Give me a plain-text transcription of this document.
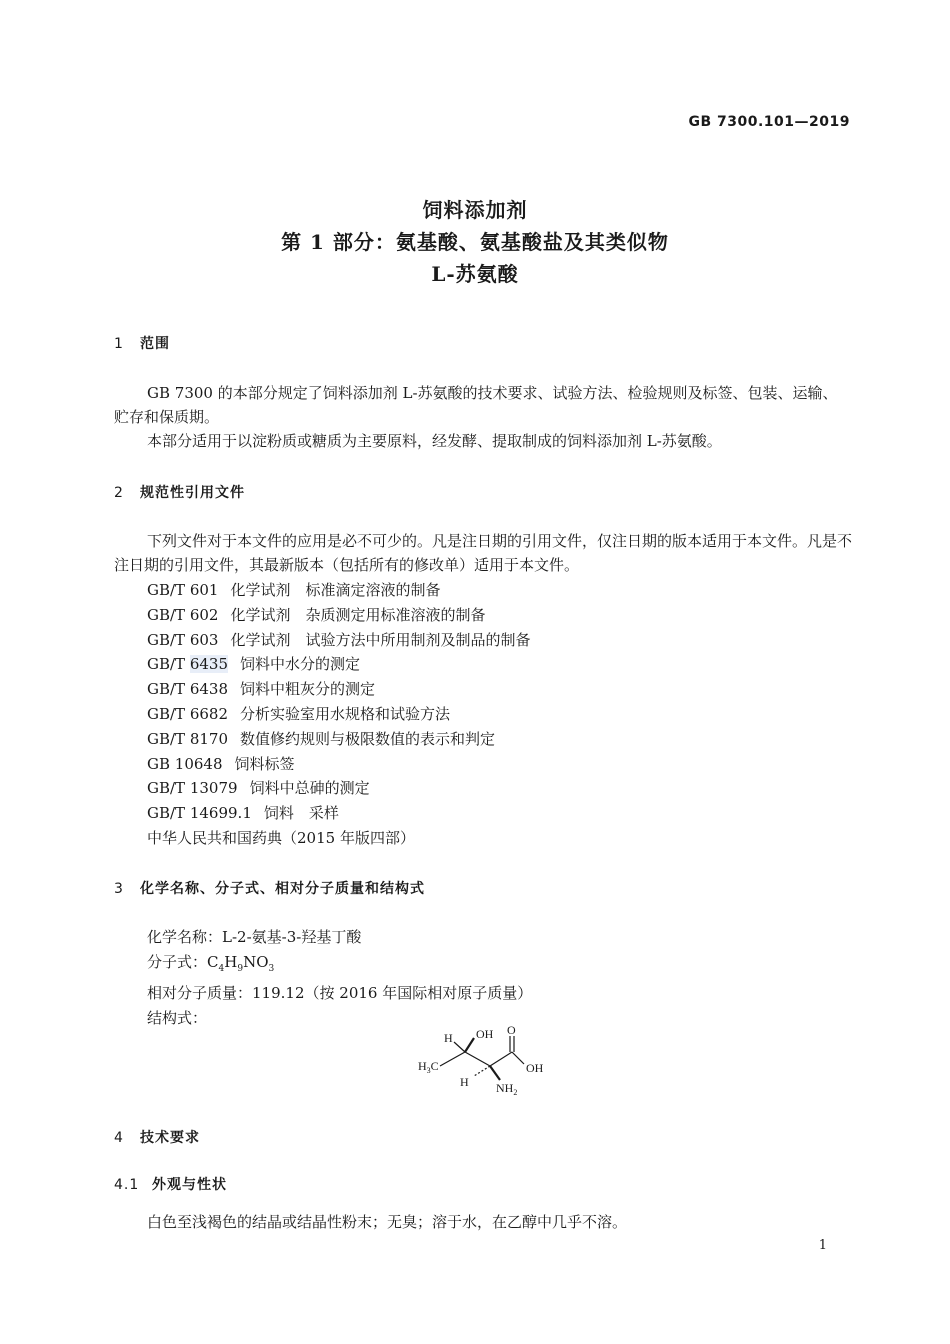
GB 7300.101—2019
饲料添加剂
第 1 部分：氨基酸、氨基酸盐及其类似物
L-苏氨酸
1 范围
GB 7300 的本部分规定了饲料添加剂 L-苏氨酸的技术要求、试验方法、检验规则及标签、包装、运输、贮存和保质期。
本部分适用于以淀粉质或糖质为主要原料，经发酵、提取制成的饲料添加剂 L-苏氨酸。
2 规范性引用文件
下列文件对于本文件的应用是必不可少的。凡是注日期的引用文件，仅注日期的版本适用于本文件。凡是不注日期的引用文件，其最新版本（包括所有的修改单）适用于本文件。
GB/T 601 化学试剂　标准滴定溶液的制备
GB/T 602 化学试剂　杂质测定用标准溶液的制备
GB/T 603 化学试剂　试验方法中所用制剂及制品的制备
GB/T 6435 饲料中水分的测定
GB/T 6438 饲料中粗灰分的测定
GB/T 6682 分析实验室用水规格和试验方法
GB/T 8170 数值修约规则与极限数值的表示和判定
GB 10648 饲料标签
GB/T 13079 饲料中总砷的测定
GB/T 14699.1 饲料　采样
中华人民共和国药典（2015 年版四部）
3 化学名称、分子式、相对分子质量和结构式
化学名称：L-2-氨基-3-羟基丁酸
分子式：$C_4H_9NO_3$
相对分子质量：119.12（按 2016 年国际相对原子质量）
结构式：
OH O
H
$H_3C$	OH
H $NH_2$
4 技术要求
4.1 外观与性状
白色至浅褐色的结晶或结晶性粉末；无臭；溶于水，在乙醇中几乎不溶。
1
